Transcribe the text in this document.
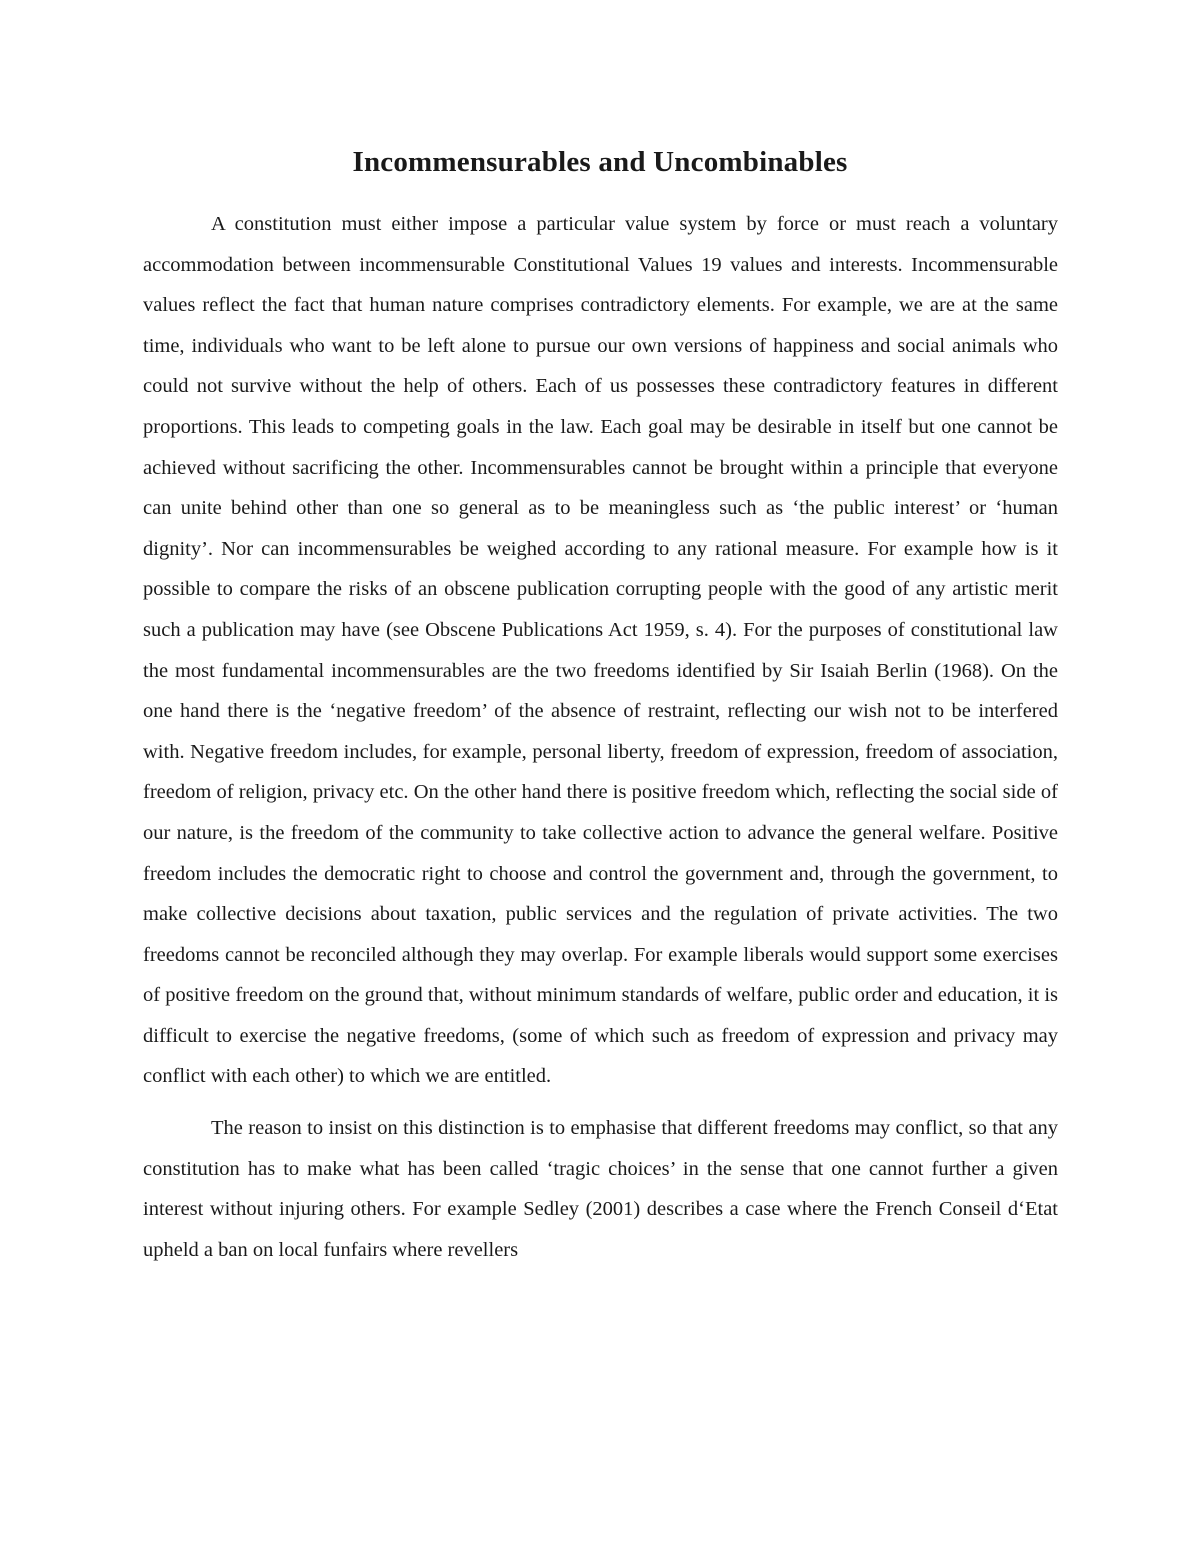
Incommensurables and Uncombinables

A constitution must either impose a particular value system by force or must reach a voluntary accommodation between incommensurable Constitutional Values 19 values and interests. Incommensurable values reflect the fact that human nature comprises contradictory elements. For example, we are at the same time, individuals who want to be left alone to pursue our own versions of happiness and social animals who could not survive without the help of others. Each of us possesses these contradictory features in different proportions. This leads to competing goals in the law. Each goal may be desirable in itself but one cannot be achieved without sacrificing the other. Incommensurables cannot be brought within a principle that everyone can unite behind other than one so general as to be meaningless such as ‘the public interest’ or ‘human dignity’. Nor can incommensurables be weighed according to any rational measure. For example how is it possible to compare the risks of an obscene publication corrupting people with the good of any artistic merit such a publication may have (see Obscene Publications Act 1959, s. 4). For the purposes of constitutional law the most fundamental incommensurables are the two freedoms identified by Sir Isaiah Berlin (1968). On the one hand there is the ‘negative freedom’ of the absence of restraint, reflecting our wish not to be interfered with. Negative freedom includes, for example, personal liberty, freedom of expression, freedom of association, freedom of religion, privacy etc. On the other hand there is positive freedom which, reflecting the social side of our nature, is the freedom of the community to take collective action to advance the general welfare. Positive freedom includes the democratic right to choose and control the government and, through the government, to make collective decisions about taxation, public services and the regulation of private activities. The two freedoms cannot be reconciled although they may overlap. For example liberals would support some exercises of positive freedom on the ground that, without minimum standards of welfare, public order and education, it is difficult to exercise the negative freedoms, (some of which such as freedom of expression and privacy may conflict with each other) to which we are entitled.

The reason to insist on this distinction is to emphasise that different freedoms may conflict, so that any constitution has to make what has been called ‘tragic choices’ in the sense that one cannot further a given interest without injuring others. For example Sedley (2001) describes a case where the French Conseil d‘Etat upheld a ban on local funfairs where revellers
